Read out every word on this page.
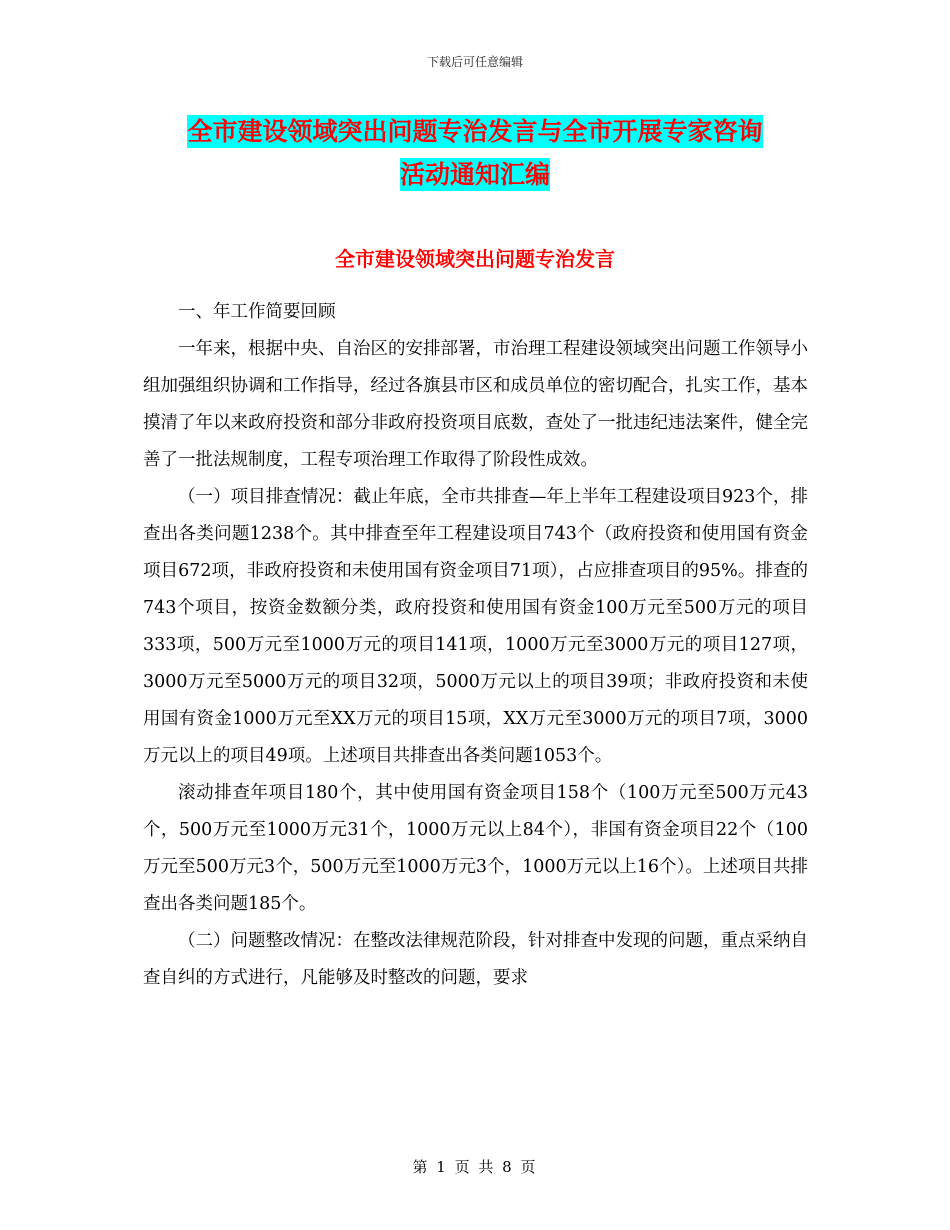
下载后可任意编辑
全市建设领域突出问题专治发言与全市开展专家咨询
活动通知汇编
全市建设领域突出问题专治发言

一、年工作简要回顾

一年来，根据中央、自治区的安排部署，市治理工程建设领域突出问题工作领导小组加强组织协调和工作指导，经过各旗县市区和成员单位的密切配合，扎实工作，基本摸清了年以来政府投资和部分非政府投资项目底数，查处了一批违纪违法案件，健全完善了一批法规制度，工程专项治理工作取得了阶段性成效。

（一）项目排查情况：截止年底，全市共排查—年上半年工程建设项目923个，排查出各类问题1238个。其中排查至年工程建设项目743个（政府投资和使用国有资金项目672项，非政府投资和未使用国有资金项目71项），占应排查项目的95%。排查的743个项目，按资金数额分类，政府投资和使用国有资金100万元至500万元的项目333项，500万元至1000万元的项目141项，1000万元至3000万元的项目127项，3000万元至5000万元的项目32项，5000万元以上的项目39项；非政府投资和未使用国有资金1000万元至XX万元的项目15项，XX万元至3000万元的项目7项，3000万元以上的项目49项。上述项目共排查出各类问题1053个。

滚动排查年项目180个，其中使用国有资金项目158个（100万元至500万元43个，500万元至1000万元31个，1000万元以上84个），非国有资金项目22个（100万元至500万元3个，500万元至1000万元3个，1000万元以上16个）。上述项目共排查出各类问题185个。

（二）问题整改情况：在整改法律规范阶段，针对排查中发现的问题，重点采纳自查自纠的方式进行，凡能够及时整改的问题，要求

第 1 页 共 8 页
